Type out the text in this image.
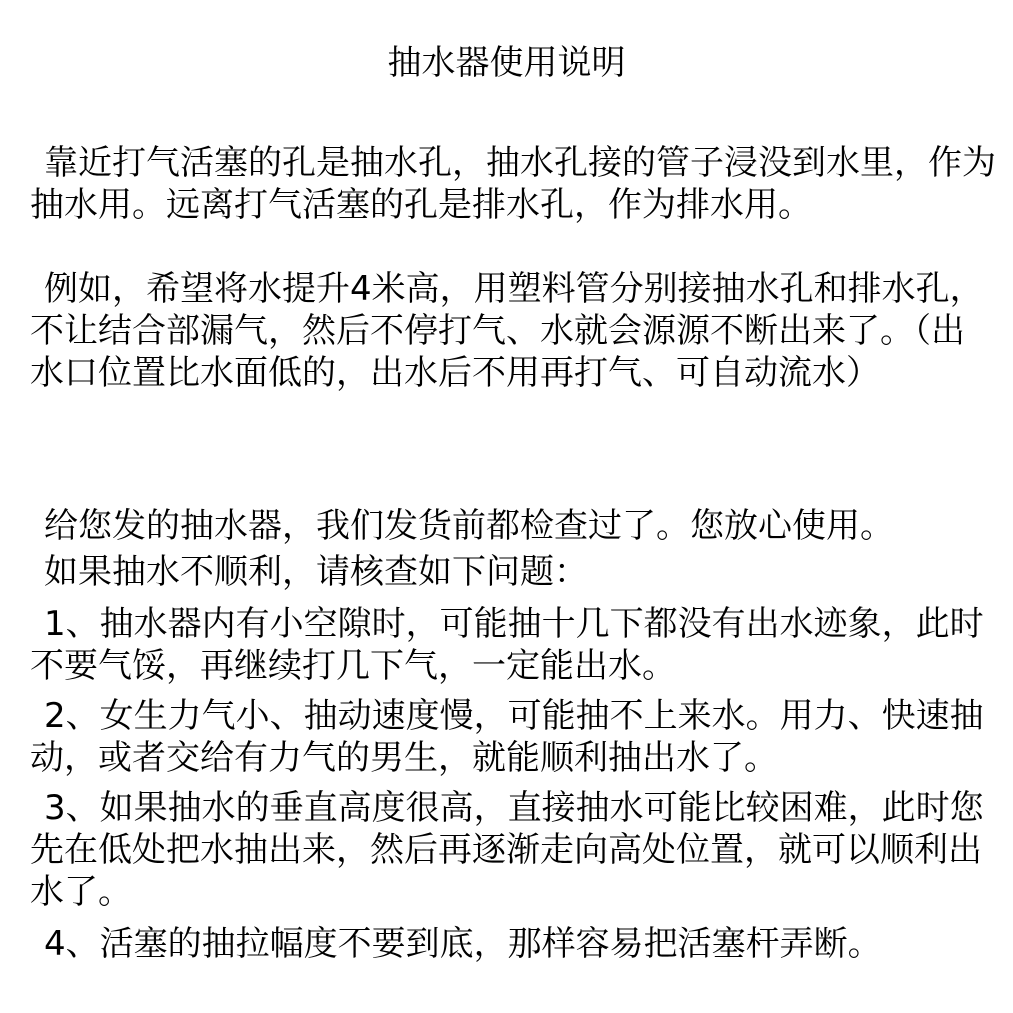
抽水器使用说明

靠近打气活塞的孔是抽水孔，抽水孔接的管子浸没到水里，作为抽水用。远离打气活塞的孔是排水孔，作为排水用。

例如，希望将水提升4米高，用塑料管分别接抽水孔和排水孔，不让结合部漏气，然后不停打气、水就会源源不断出来了。（出水口位置比水面低的，出水后不用再打气、可自动流水）

给您发的抽水器，我们发货前都检查过了。您放心使用。

如果抽水不顺利，请核查如下问题：

1、抽水器内有小空隙时，可能抽十几下都没有出水迹象，此时不要气馁，再继续打几下气，一定能出水。

2、女生力气小、抽动速度慢，可能抽不上来水。用力、快速抽动，或者交给有力气的男生，就能顺利抽出水了。

3、如果抽水的垂直高度很高，直接抽水可能比较困难，此时您先在低处把水抽出来，然后再逐渐走向高处位置，就可以顺利出水了。

4、活塞的抽拉幅度不要到底，那样容易把活塞杆弄断。
